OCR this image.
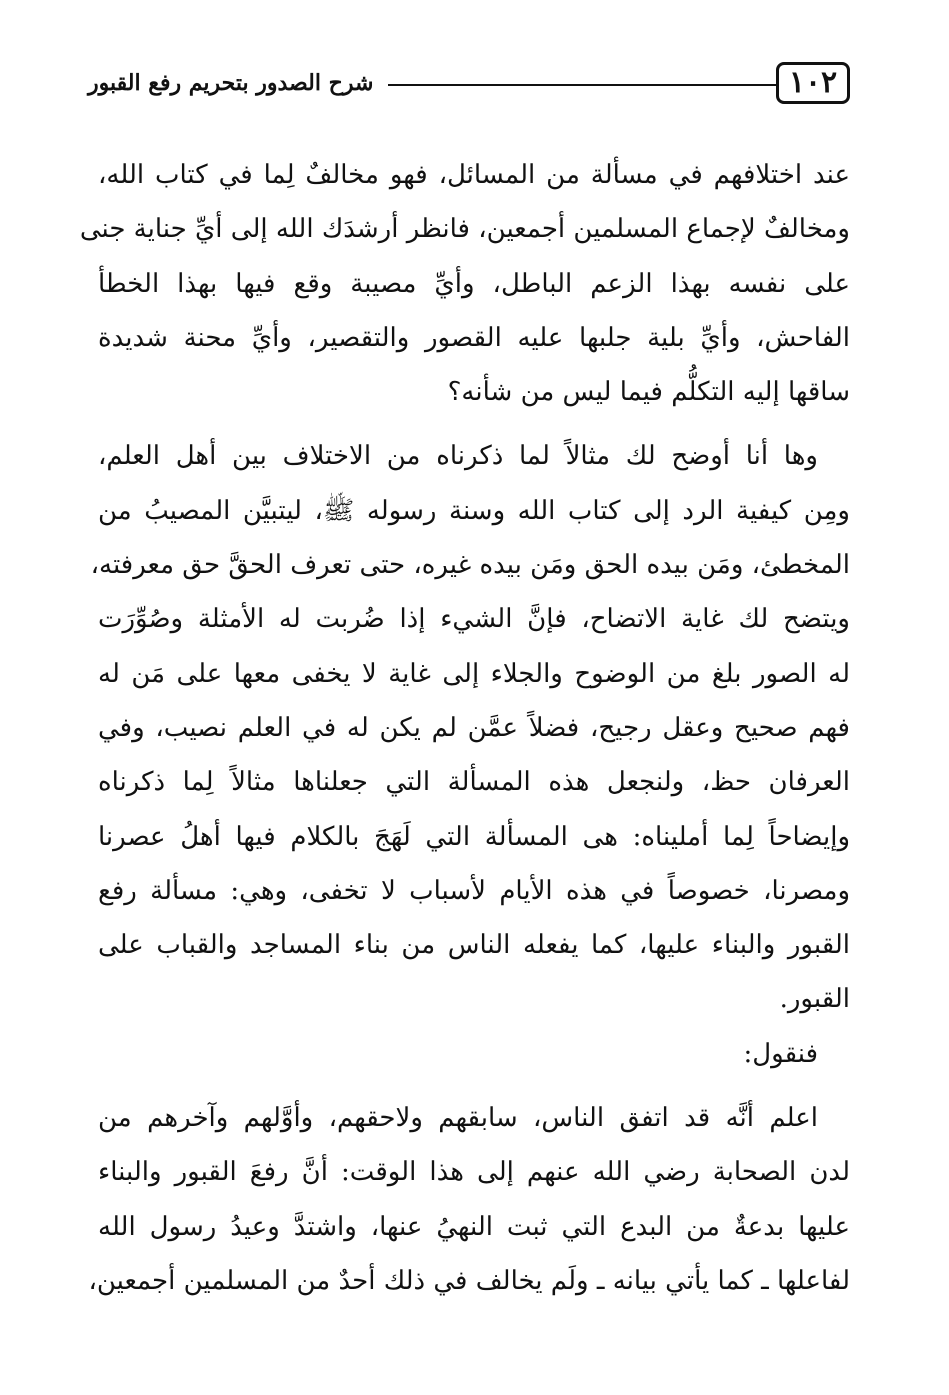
١٠٢
شرح الصدور بتحريم رفع القبور
عند اختلافهم في مسألة من المسائل، فهو مخالفٌ لِما في كتاب الله،
ومخالفٌ لإجماع المسلمين أجمعين، فانظر أرشدَك الله إلى أيِّ جناية جنى
على نفسه بهذا الزعم الباطل، وأيِّ مصيبة وقع فيها بهذا الخطأ
الفاحش، وأيِّ بلية جلبها عليه القصور والتقصير، وأيِّ محنة شديدة
ساقها إليه التكلُّم فيما ليس من شأنه؟
وها أنا أوضح لك مثالاً لما ذكرناه من الاختلاف بين أهل العلم،
ومِن كيفية الرد إلى كتاب الله وسنة رسوله ﷺ، ليتبيَّن المصيبُ من
المخطئ، ومَن بيده الحق ومَن بيده غيره، حتى تعرف الحقَّ حق معرفته،
ويتضح لك غاية الاتضاح، فإنَّ الشيء إذا ضُربت له الأمثلة وصُوِّرَت
له الصور بلغ من الوضوح والجلاء إلى غاية لا يخفى معها على مَن له
فهم صحيح وعقل رجيح، فضلاً عمَّن لم يكن له في العلم نصيب، وفي
العرفان حظ، ولنجعل هذه المسألة التي جعلناها مثالاً لِما ذكرناه
وإيضاحاً لِما أمليناه: هى المسألة التي لَهَجَ بالكلام فيها أهلُ عصرنا
ومصرنا، خصوصاً في هذه الأيام لأسباب لا تخفى، وهي: مسألة رفع
القبور والبناء عليها، كما يفعله الناس من بناء المساجد والقباب على
القبور.
فنقول:
اعلم أنَّه قد اتفق الناس، سابقهم ولاحقهم، وأوَّلهم وآخرهم من
لدن الصحابة رضي الله عنهم إلى هذا الوقت: أنَّ رفعَ القبور والبناء
عليها بدعةٌ من البدع التي ثبت النهيُ عنها، واشتدَّ وعيدُ رسول الله
لفاعلها ـ كما يأتي بيانه ـ ولَم يخالف في ذلك أحدٌ من المسلمين أجمعين،
